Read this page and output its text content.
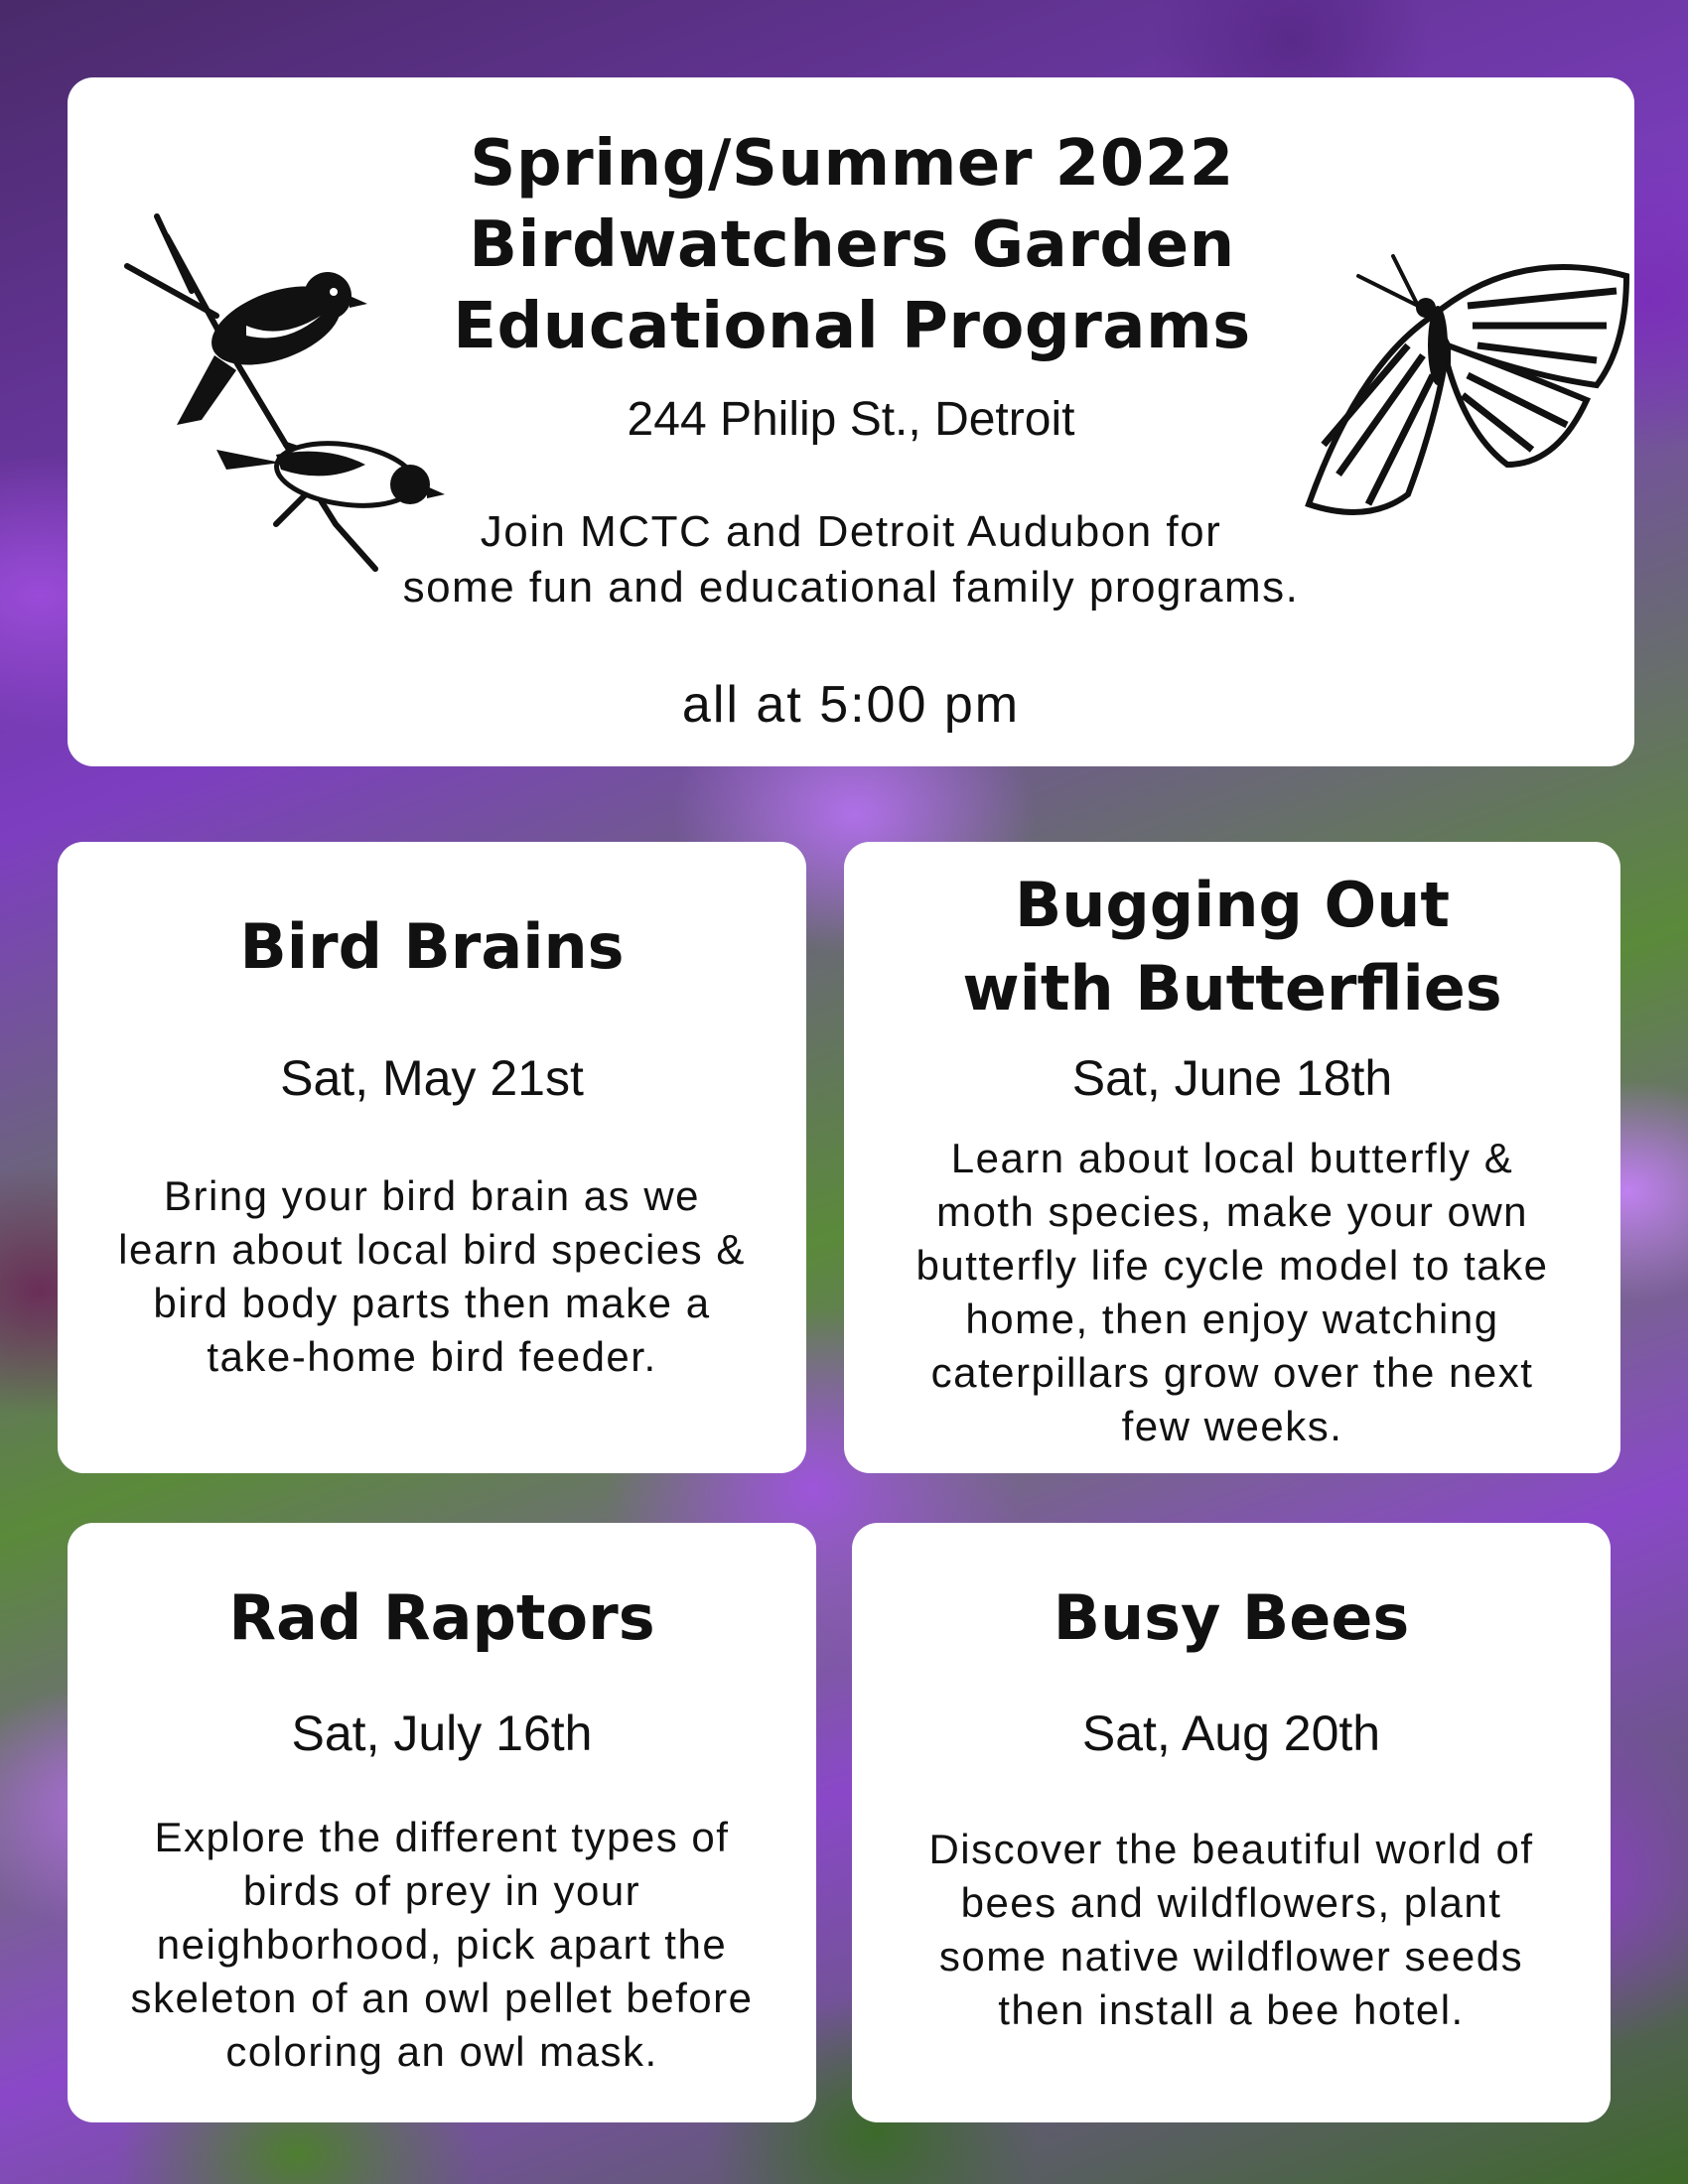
Spring/Summer 2022
Birdwatchers Garden
Educational Programs
244 Philip St., Detroit
Join MCTC and Detroit Audubon for
some fun and educational family programs.
all at 5:00 pm
Bird Brains
Sat, May 21st
Bring your bird brain as we
learn about local bird species &
bird body parts then make a
take-home bird feeder.
Bugging Out
with Butterflies
Sat, June 18th
Learn about local butterfly &
moth species, make your own
butterfly life cycle model to take
home, then enjoy watching
caterpillars grow over the next
few weeks.
Rad Raptors
Sat, July 16th
Explore the different types of
birds of prey in your
neighborhood, pick apart the
skeleton of an owl pellet before
coloring an owl mask.
Busy Bees
Sat, Aug 20th
Discover the beautiful world of
bees and wildflowers, plant
some native wildflower seeds
then install a bee hotel.
